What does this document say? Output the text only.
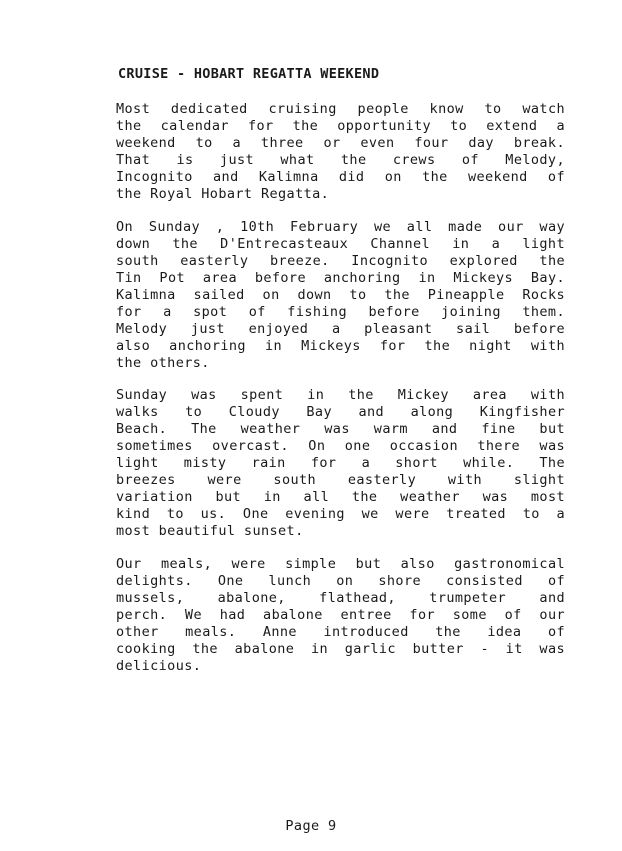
CRUISE - HOBART REGATTA WEEKEND
Most dedicated cruising people know to watch
the calendar for the opportunity to extend a
weekend to a three or even four day break.
That is just what the crews of Melody,
Incognito and Kalimna did on the weekend of
the Royal Hobart Regatta.
On Sunday , 10th February we all made our way
down the D'Entrecasteaux Channel in a light
south easterly breeze. Incognito explored the
Tin Pot area before anchoring in Mickeys Bay.
Kalimna sailed on down to the Pineapple Rocks
for a spot of fishing before joining them.
Melody just enjoyed a pleasant sail before
also anchoring in Mickeys for the night with
the others.
Sunday was spent in the Mickey area with
walks to Cloudy Bay and along Kingfisher
Beach. The weather was warm and fine but
sometimes overcast. On one occasion there was
light misty rain for a short while. The
breezes were south easterly with slight
variation but in all the weather was most
kind to us. One evening we were treated to a
most beautiful sunset.
Our meals, were simple but also gastronomical
delights. One lunch on shore consisted of
mussels, abalone, flathead, trumpeter and
perch. We had abalone entree for some of our
other meals. Anne introduced the idea of
cooking the abalone in garlic butter - it was
delicious.
Page 9
